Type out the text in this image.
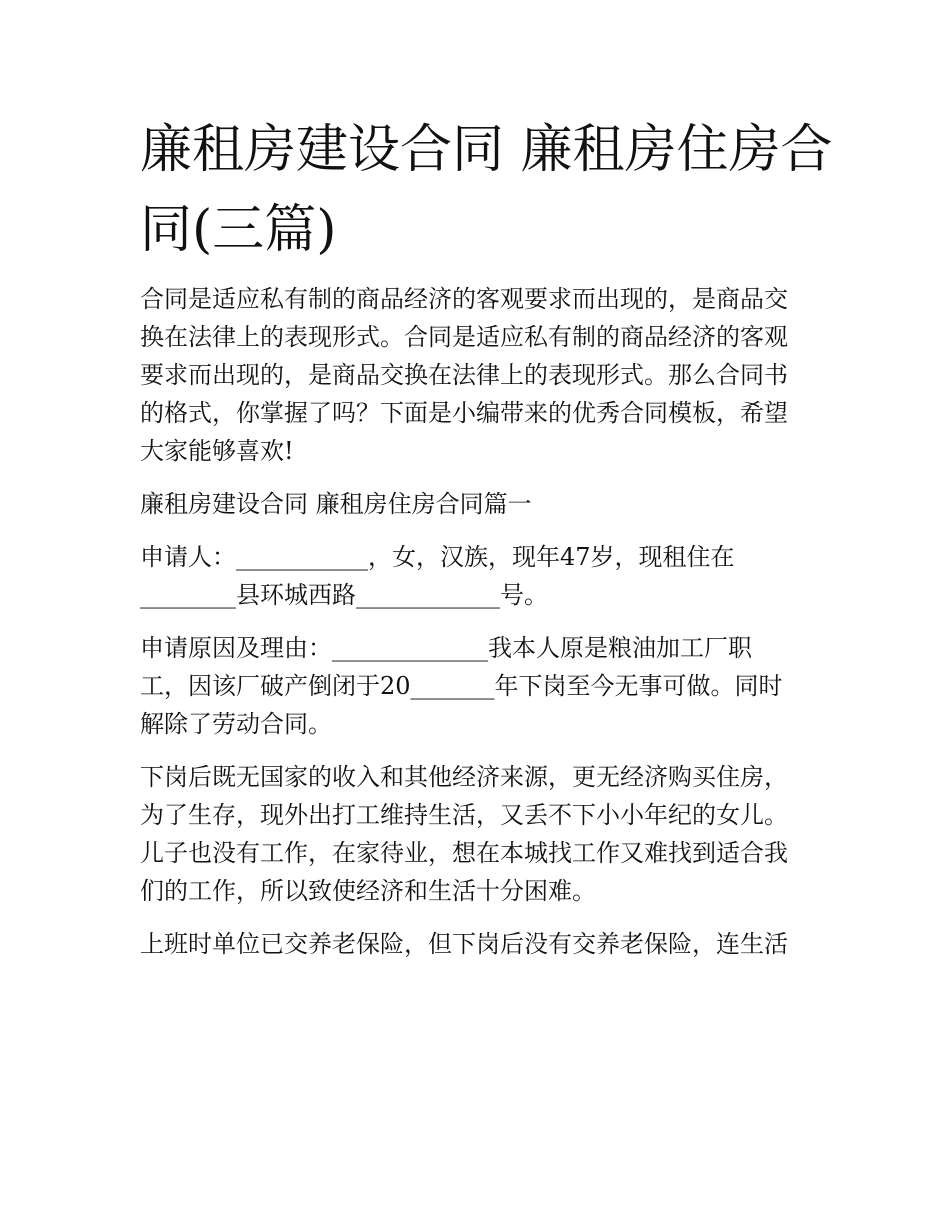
廉租房建设合同 廉租房住房合
同(三篇)

合同是适应私有制的商品经济的客观要求而出现的，是商品交
换在法律上的表现形式。合同是适应私有制的商品经济的客观
要求而出现的，是商品交换在法律上的表现形式。那么合同书
的格式，你掌握了吗？下面是小编带来的优秀合同模板，希望
大家能够喜欢!

廉租房建设合同 廉租房住房合同篇一

申请人：___________，女，汉族，现年47岁，现租住在
________县环城西路____________号。

申请原因及理由：_____________我本人原是粮油加工厂职
工，因该厂破产倒闭于20_______年下岗至今无事可做。同时
解除了劳动合同。

下岗后既无国家的收入和其他经济来源，更无经济购买住房，
为了生存，现外出打工维持生活，又丢不下小小年纪的女儿。
儿子也没有工作，在家待业，想在本城找工作又难找到适合我
们的工作，所以致使经济和生活十分困难。

上班时单位已交养老保险，但下岗后没有交养老保险，连生活
